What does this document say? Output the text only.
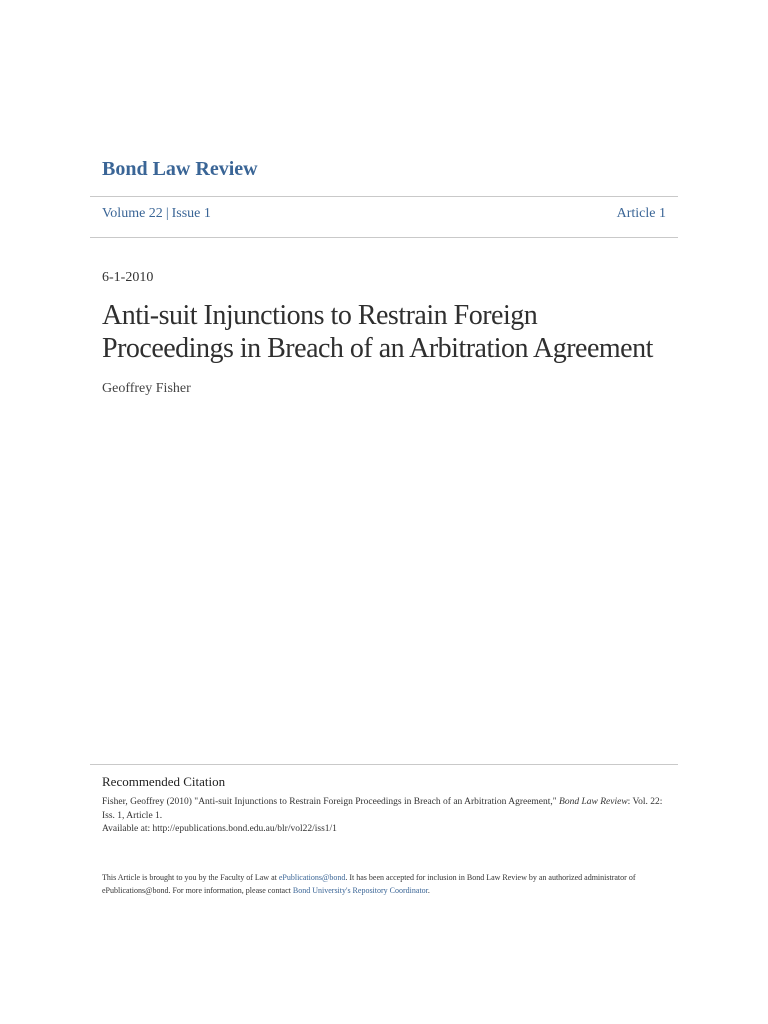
Bond Law Review
Volume 22 | Issue 1	Article 1
6-1-2010
Anti-suit Injunctions to Restrain Foreign
Proceedings in Breach of an Arbitration Agreement
Geoffrey Fisher
Recommended Citation
Fisher, Geoffrey (2010) "Anti-suit Injunctions to Restrain Foreign Proceedings in Breach of an Arbitration Agreement," Bond Law Review: Vol. 22: Iss. 1, Article 1.
Available at: http://epublications.bond.edu.au/blr/vol22/iss1/1
This Article is brought to you by the Faculty of Law at ePublications@bond. It has been accepted for inclusion in Bond Law Review by an authorized administrator of ePublications@bond. For more information, please contact Bond University's Repository Coordinator.
